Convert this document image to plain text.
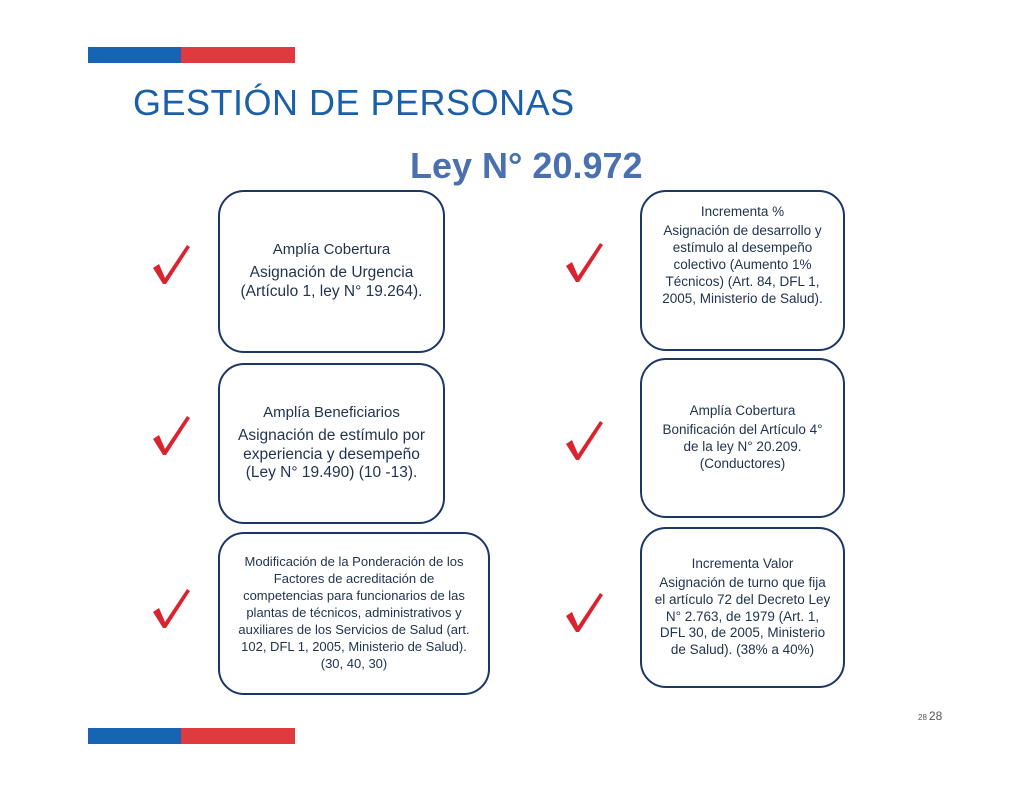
GESTIÓN DE PERSONAS
Ley N° 20.972
Amplía Cobertura
Asignación de Urgencia (Artículo 1, ley N° 19.264).
Amplía Beneficiarios
Asignación de estímulo por experiencia y desempeño (Ley N° 19.490) (10 -13).
Modificación de la Ponderación de los Factores de acreditación de competencias para funcionarios de las plantas de técnicos, administrativos y auxiliares de los Servicios de Salud (art. 102, DFL 1, 2005, Ministerio de Salud). (30, 40, 30)
Incrementa %
Asignación de desarrollo y estímulo al desempeño colectivo (Aumento 1% Técnicos) (Art. 84, DFL 1, 2005, Ministerio de Salud).
Amplía Cobertura
Bonificación del Artículo 4° de la ley N° 20.209. (Conductores)
Incrementa Valor
Asignación de turno que fija el artículo 72 del Decreto Ley N° 2.763, de 1979 (Art. 1, DFL 30, de 2005, Ministerio de Salud). (38% a 40%)
28 28
